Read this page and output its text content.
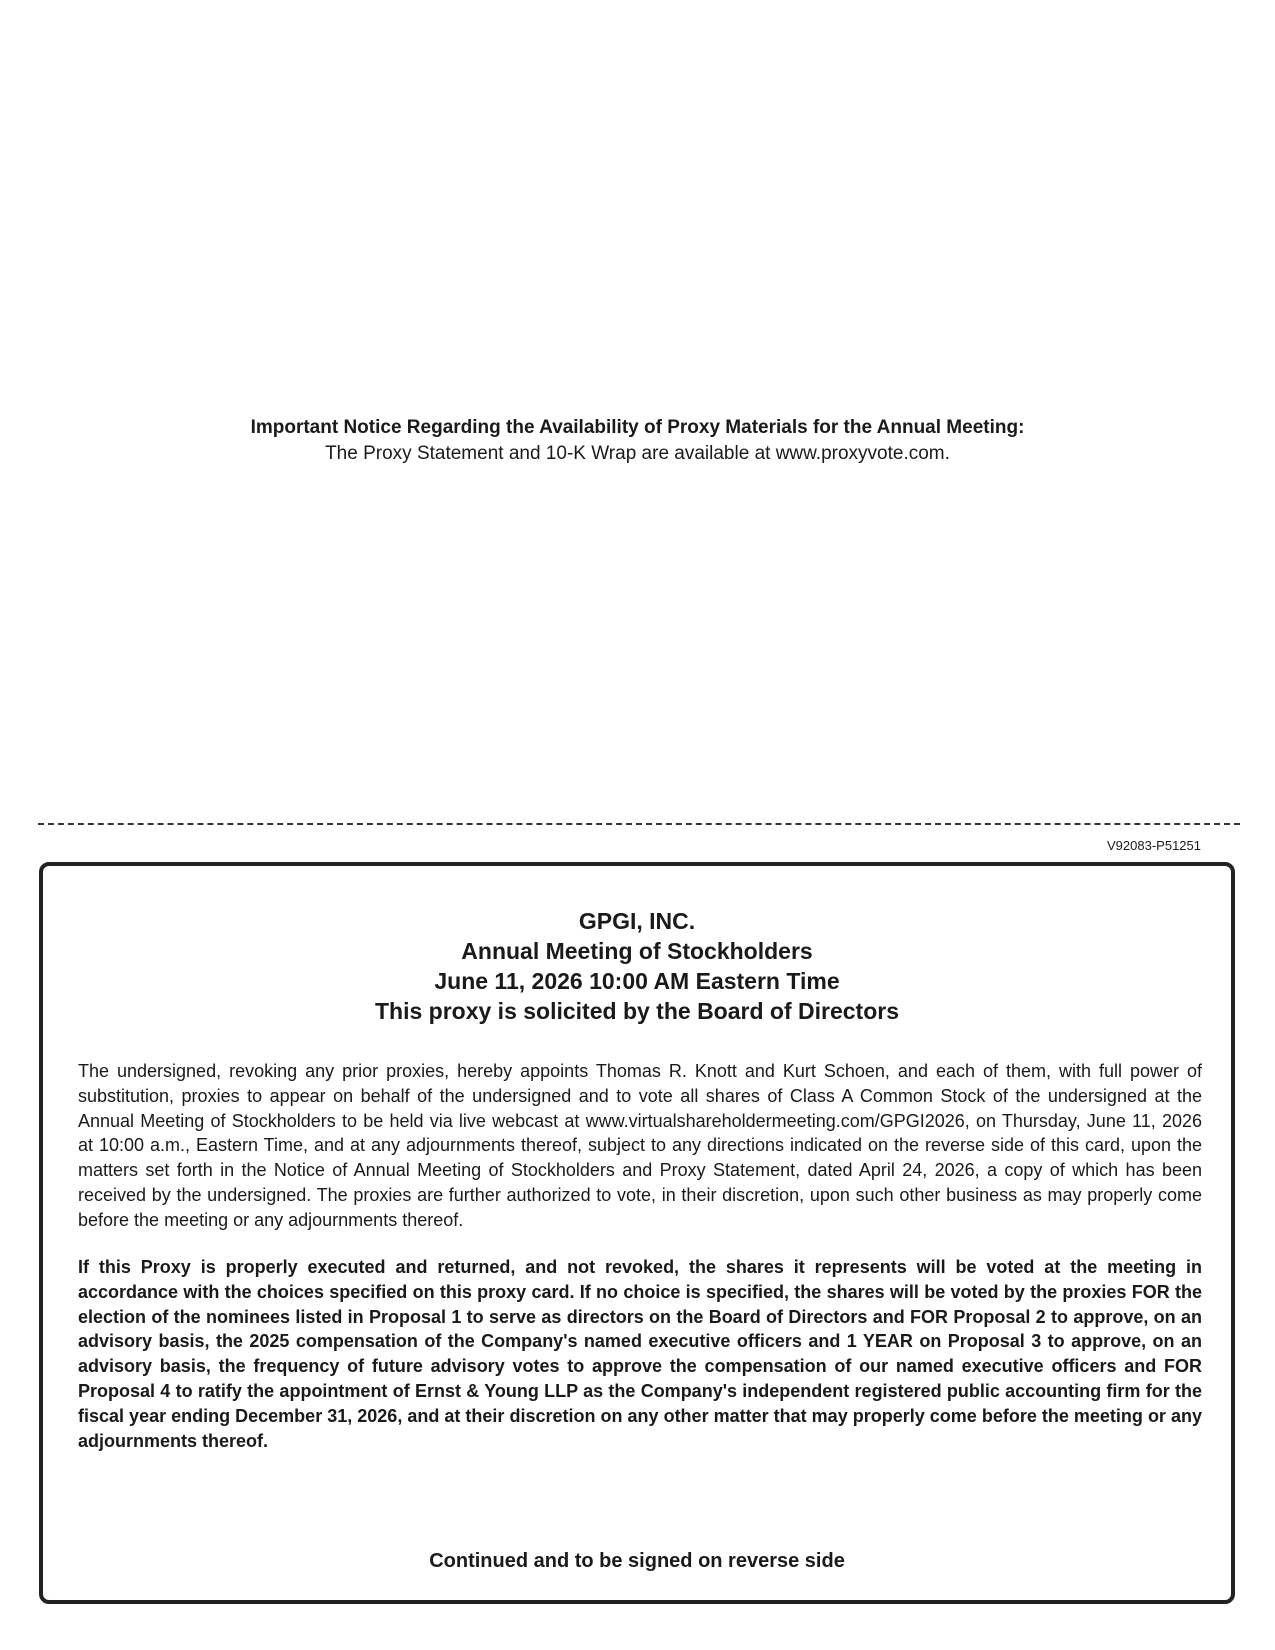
Important Notice Regarding the Availability of Proxy Materials for the Annual Meeting:
The Proxy Statement and 10-K Wrap are available at www.proxyvote.com.
V92083-P51251
GPGI, INC.
Annual Meeting of Stockholders
June 11, 2026 10:00 AM Eastern Time
This proxy is solicited by the Board of Directors
The undersigned, revoking any prior proxies, hereby appoints Thomas R. Knott and Kurt Schoen, and each of them, with full power of substitution, proxies to appear on behalf of the undersigned and to vote all shares of Class A Common Stock of the undersigned at the Annual Meeting of Stockholders to be held via live webcast at www.virtualshareholdermeeting.com/GPGI2026, on Thursday, June 11, 2026 at 10:00 a.m., Eastern Time, and at any adjournments thereof, subject to any directions indicated on the reverse side of this card, upon the matters set forth in the Notice of Annual Meeting of Stockholders and Proxy Statement, dated April 24, 2026, a copy of which has been received by the undersigned. The proxies are further authorized to vote, in their discretion, upon such other business as may properly come before the meeting or any adjournments thereof.
If this Proxy is properly executed and returned, and not revoked, the shares it represents will be voted at the meeting in accordance with the choices specified on this proxy card. If no choice is specified, the shares will be voted by the proxies FOR the election of the nominees listed in Proposal 1 to serve as directors on the Board of Directors and FOR Proposal 2 to approve, on an advisory basis, the 2025 compensation of the Company's named executive officers and 1 YEAR on Proposal 3 to approve, on an advisory basis, the frequency of future advisory votes to approve the compensation of our named executive officers and FOR Proposal 4 to ratify the appointment of Ernst & Young LLP as the Company's independent registered public accounting firm for the fiscal year ending December 31, 2026, and at their discretion on any other matter that may properly come before the meeting or any adjournments thereof.
Continued and to be signed on reverse side
